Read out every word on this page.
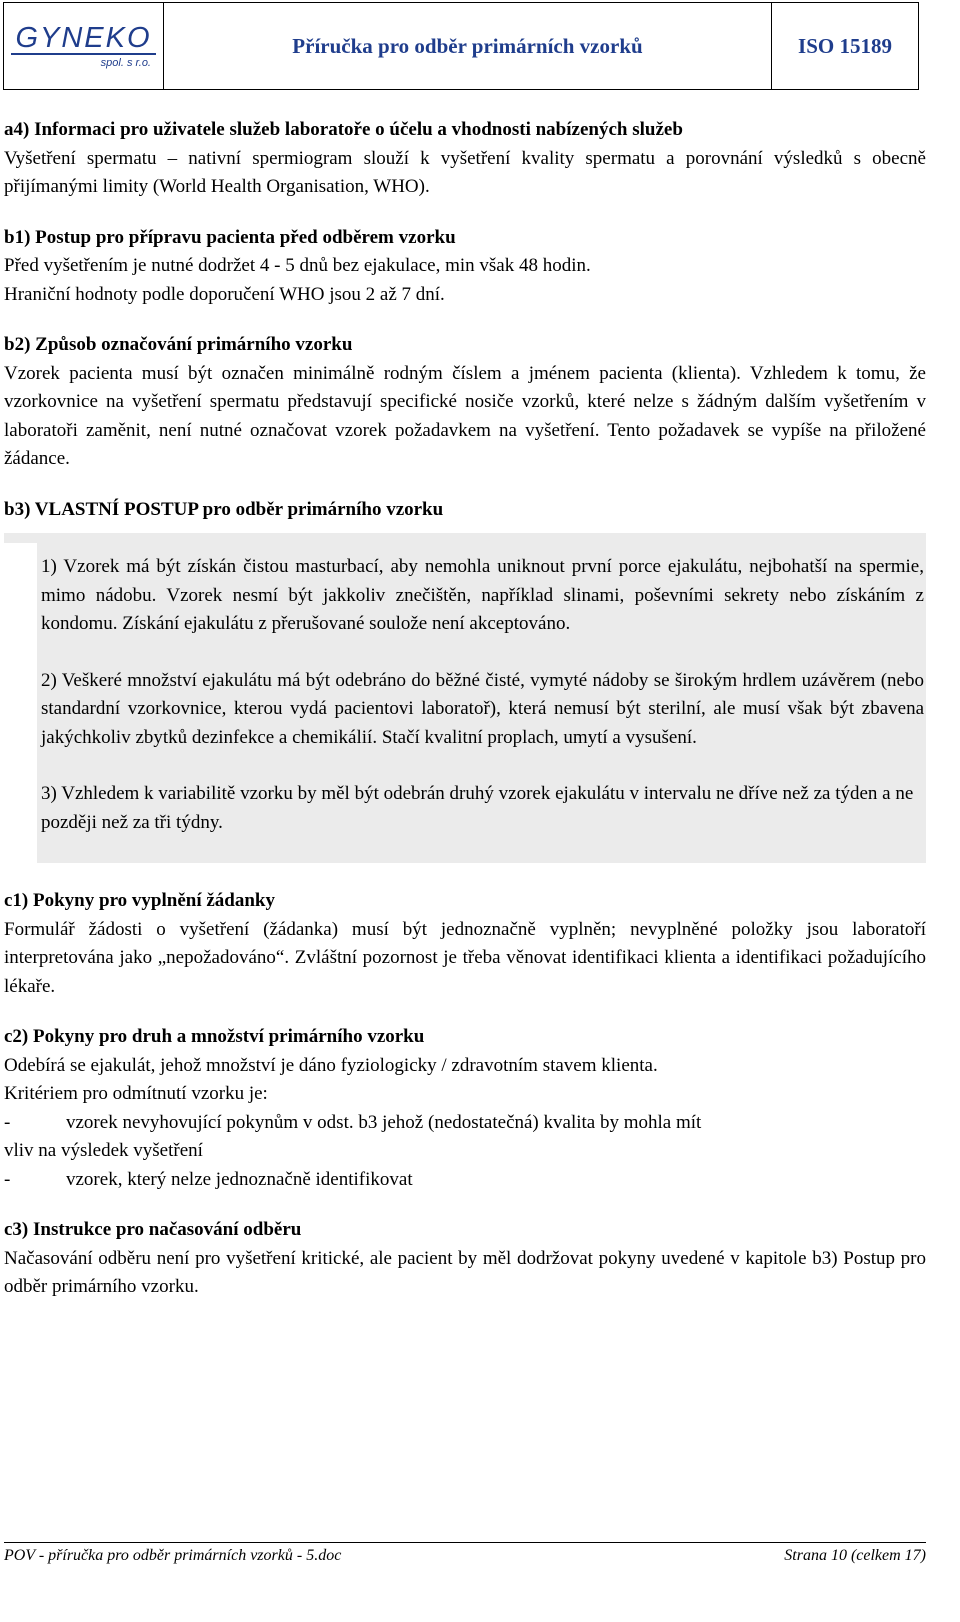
GYNEKO
spol. s r.o.
Příručka pro odběr primárních vzorků	ISO 15189

a4) Informaci pro uživatele služeb laboratoře o účelu a vhodnosti nabízených služeb

Vyšetření spermatu – nativní spermiogram slouží k vyšetření kvality spermatu a porovnání výsledků s obecně přijímanými limity (World Health Organisation, WHO).

b1) Postup pro přípravu pacienta před odběrem vzorku

Před vyšetřením je nutné dodržet 4 - 5 dnů bez ejakulace, min však 48 hodin.

Hraniční hodnoty podle doporučení WHO jsou 2 až 7 dní.

b2) Způsob označování primárního vzorku

Vzorek pacienta musí být označen minimálně rodným číslem a jménem pacienta (klienta). Vzhledem k tomu, že vzorkovnice na vyšetření spermatu představují specifické nosiče vzorků, které nelze s žádným dalším vyšetřením v laboratoři zaměnit, není nutné označovat vzorek požadavkem na vyšetření. Tento požadavek se vypíše na přiložené žádance.

b3) VLASTNÍ POSTUP pro odběr primárního vzorku

1) Vzorek má být získán čistou masturbací, aby nemohla uniknout první porce ejakulátu, nejbohatší na spermie, mimo nádobu. Vzorek nesmí být jakkoliv znečištěn, například slinami, poševními sekrety nebo získáním z kondomu. Získání ejakulátu z přerušované soulože není akceptováno.

2) Veškeré množství ejakulátu má být odebráno do běžné čisté, vymyté nádoby se širokým hrdlem uzávěrem (nebo standardní vzorkovnice, kterou vydá pacientovi laboratoř), která nemusí být sterilní, ale musí však být zbavena jakýchkoliv zbytků dezinfekce a chemikálií. Stačí kvalitní proplach, umytí a vysušení.

3) Vzhledem k variabilitě vzorku by měl být odebrán druhý vzorek ejakulátu v intervalu ne dříve než za týden a ne později než za tři týdny.

c1) Pokyny pro vyplnění žádanky

Formulář žádosti o vyšetření (žádanka) musí být jednoznačně vyplněn; nevyplněné položky jsou laboratoří interpretována jako „nepožadováno“. Zvláštní pozornost je třeba věnovat identifikaci klienta a identifikaci požadujícího lékaře.

c2) Pokyny pro druh a množství primárního vzorku

Odebírá se ejakulát, jehož množství je dáno fyziologicky / zdravotním stavem klienta.

Kritériem pro odmítnutí vzorku je:

-	vzorek nevyhovující pokynům v odst. b3 jehož (nedostatečná) kvalita by mohla mít

vliv na výsledek vyšetření

-	vzorek, který nelze jednoznačně identifikovat

c3) Instrukce pro načasování odběru

Načasování odběru není pro vyšetření kritické, ale pacient by měl dodržovat pokyny uvedené v kapitole b3) Postup pro odběr primárního vzorku.

POV - příručka pro odběr primárních vzorků - 5.doc	Strana 10 (celkem 17)
